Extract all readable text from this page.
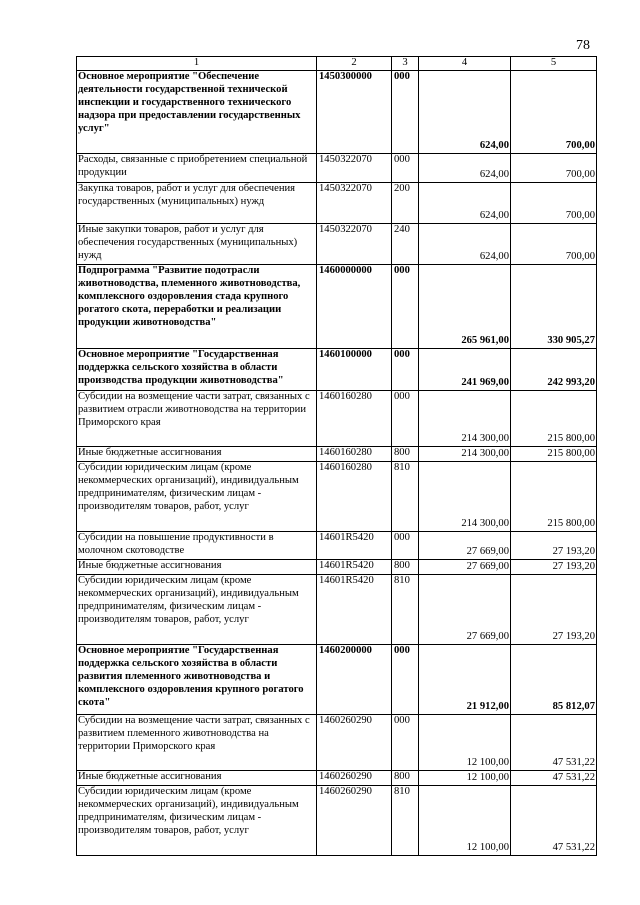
78
1	2	3	4	5
Основное мероприятие "Обеспечение деятельности государственной технической инспекции и государственного технического надзора при предоставлении государственных услуг"	1450300000	000	624,00	700,00
Расходы, связанные с приобретением специальной продукции	1450322070	000	624,00	700,00
Закупка товаров, работ и услуг для обеспечения государственных (муниципальных) нужд	1450322070	200	624,00	700,00
Иные закупки товаров, работ и услуг для обеспечения государственных (муниципальных) нужд	1450322070	240	624,00	700,00
Подпрограмма "Развитие подотрасли животноводства, племенного животноводства, комплексного оздоровления стада крупного рогатого скота, переработки и реализации продукции животноводства"	1460000000	000	265 961,00	330 905,27
Основное мероприятие "Государственная поддержка сельского хозяйства в области производства продукции животноводства"	1460100000	000	241 969,00	242 993,20
Субсидии на возмещение части затрат, связанных с развитием отрасли животноводства на территории Приморского края	1460160280	000	214 300,00	215 800,00
Иные бюджетные ассигнования	1460160280	800	214 300,00	215 800,00
Субсидии юридическим лицам (кроме некоммерческих организаций), индивидуальным предпринимателям, физическим лицам - производителям товаров, работ, услуг	1460160280	810	214 300,00	215 800,00
Субсидии на повышение продуктивности в молочном скотоводстве	14601R5420	000	27 669,00	27 193,20
Иные бюджетные ассигнования	14601R5420	800	27 669,00	27 193,20
Субсидии юридическим лицам (кроме некоммерческих организаций), индивидуальным предпринимателям, физическим лицам - производителям товаров, работ, услуг	14601R5420	810	27 669,00	27 193,20
Основное мероприятие "Государственная поддержка сельского хозяйства в области развития племенного животноводства и комплексного оздоровления крупного рогатого скота"	1460200000	000	21 912,00	85 812,07
Субсидии на возмещение части затрат, связанных с развитием племенного животноводства на территории Приморского края	1460260290	000	12 100,00	47 531,22
Иные бюджетные ассигнования	1460260290	800	12 100,00	47 531,22
Субсидии юридическим лицам (кроме некоммерческих организаций), индивидуальным предпринимателям, физическим лицам - производителям товаров, работ, услуг	1460260290	810	12 100,00	47 531,22
